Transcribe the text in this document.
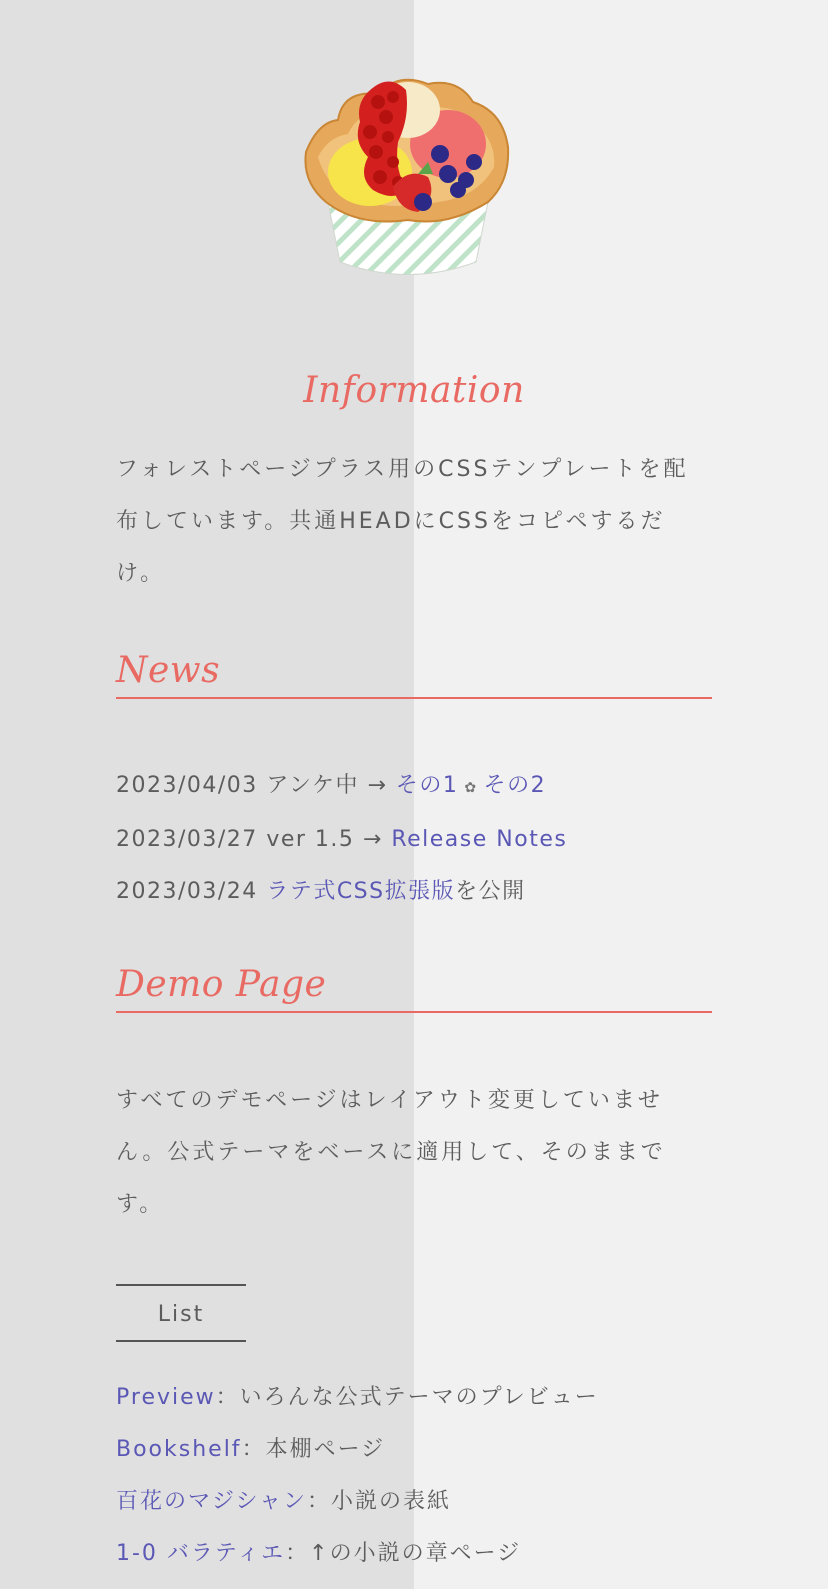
Information

フォレストページプラス用のCSSテンプレートを配布しています。共通HEADにCSSをコピペするだけ。

News
2023/04/03 アンケ中 → その1 ✿ その2
2023/03/27 ver 1.5 → Release Notes
2023/03/24 ラテ式CSS拡張版を公開
Demo Page

すべてのデモページはレイアウト変更していません。公式テーマをベースに適用して、そのままです。

List
Preview：いろんな公式テーマのプレビュー
Bookshelf：本棚ページ
百花のマジシャン：小説の表紙
1-0 バラティエ：↑の小説の章ページ
